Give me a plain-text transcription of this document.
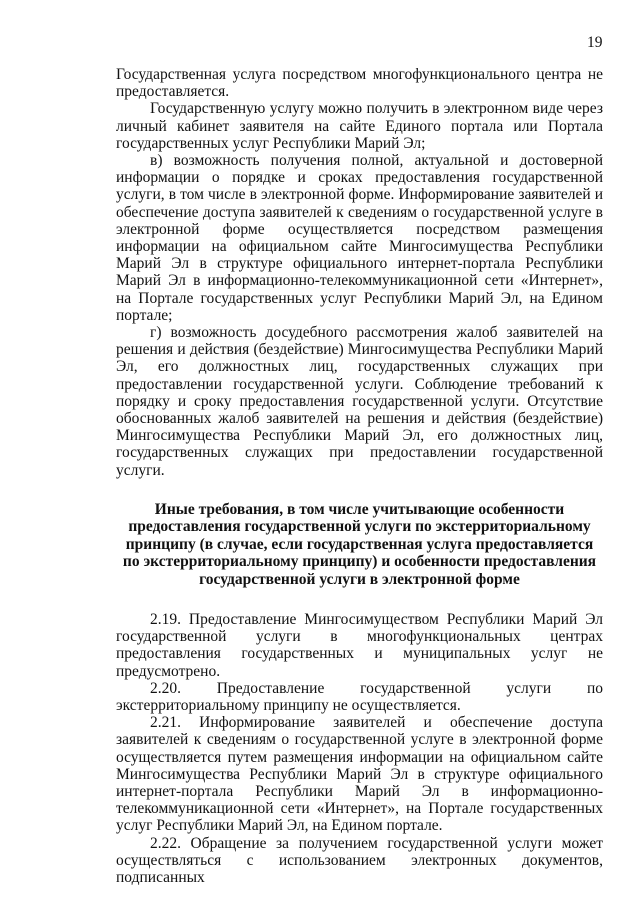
19

Государственная услуга посредством многофункционального центра не предоставляется.

Государственную услугу можно получить в электронном виде через личный кабинет заявителя на сайте Единого портала или Портала государственных услуг Республики Марий Эл;

в) возможность получения полной, актуальной и достоверной информации о порядке и сроках предоставления государственной услуги, в том числе в электронной форме. Информирование заявителей и обеспечение доступа заявителей к сведениям о государственной услуге в электронной форме осуществляется посредством размещения информации на официальном сайте Мингосимущества Республики Марий Эл в структуре официального интернет-портала Республики Марий Эл в информационно-телекоммуникационной сети «Интернет», на Портале государственных услуг Республики Марий Эл, на Едином портале;

г) возможность досудебного рассмотрения жалоб заявителей на решения и действия (бездействие) Мингосимущества Республики Марий Эл, его должностных лиц, государственных служащих при предоставлении государственной услуги. Соблюдение требований к порядку и сроку предоставления государственной услуги. Отсутствие обоснованных жалоб заявителей на решения и действия (бездействие) Мингосимущества Республики Марий Эл, его должностных лиц, государственных служащих при предоставлении государственной услуги.

Иные требования, в том числе учитывающие особенности
предоставления государственной услуги по экстерриториальному
принципу (в случае, если государственная услуга предоставляется
по экстерриториальному принципу) и особенности предоставления
государственной услуги в электронной форме

2.19. Предоставление Мингосимуществом Республики Марий Эл государственной услуги в многофункциональных центрах предоставления государственных и муниципальных услуг не предусмотрено.

2.20. Предоставление государственной услуги по экстерриториальному принципу не осуществляется.

2.21. Информирование заявителей и обеспечение доступа заявителей к сведениям о государственной услуге в электронной форме осуществляется путем размещения информации на официальном сайте Мингосимущества Республики Марий Эл в структуре официального интернет-портала Республики Марий Эл в информационно-телекоммуникационной сети «Интернет», на Портале государственных услуг Республики Марий Эл, на Едином портале.

2.22. Обращение за получением государственной услуги может осуществляться с использованием электронных документов, подписанных
